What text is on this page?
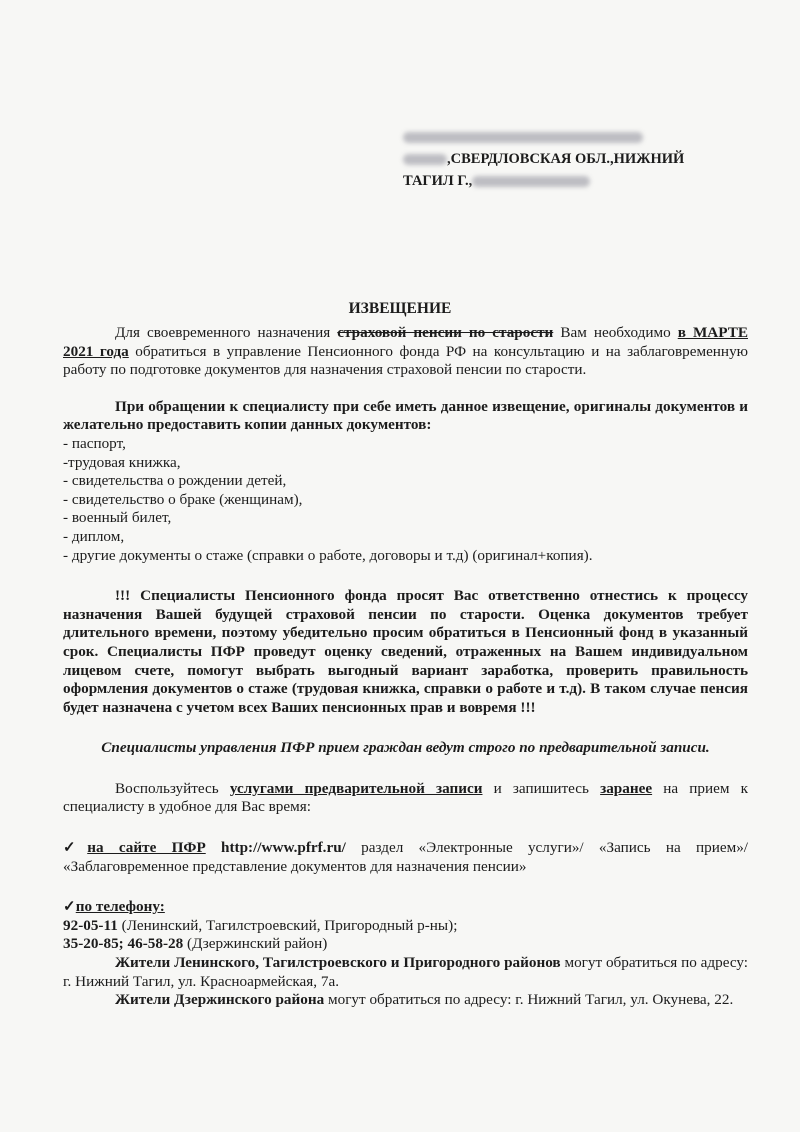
,СВЕРДЛОВСКАЯ ОБЛ.,НИЖНИЙ
ТАГИЛ Г.,
ИЗВЕЩЕНИЕ

Для своевременного назначения страховой пенсии по старости Вам необходимо в МАРТЕ 2021 года обратиться в управление Пенсионного фонда РФ на консультацию и на заблаговременную работу по подготовке документов для назначения страховой пенсии по старости.

При обращении к специалисту при себе иметь данное извещение, оригиналы документов и желательно предоставить копии данных документов:

- паспорт,
-трудовая книжка,
- свидетельства о рождении детей,
- свидетельство о браке (женщинам),
- военный билет,
- диплом,
- другие документы о стаже (справки о работе, договоры и т.д) (оригинал+копия).

!!! Специалисты Пенсионного фонда просят Вас ответственно отнестись к процессу назначения Вашей будущей страховой пенсии по старости. Оценка документов требует длительного времени, поэтому убедительно просим обратиться в Пенсионный фонд в указанный срок. Специалисты ПФР проведут оценку сведений, отраженных на Вашем индивидуальном лицевом счете, помогут выбрать выгодный вариант заработка, проверить правильность оформления документов о стаже (трудовая книжка, справки о работе и т.д). В таком случае пенсия будет назначена с учетом всех Ваших пенсионных прав и вовремя !!!

Специалисты управления ПФР прием граждан ведут строго по предварительной записи.

Воспользуйтесь услугами предварительной записи и запишитесь заранее на прием к специалисту в удобное для Вас время:

✓на сайте ПФР http://www.pfrf.ru/ раздел «Электронные услуги»/ «Запись на прием»/ «Заблаговременное представление документов для назначения пенсии»

✓по телефону:
92-05-11 (Ленинский, Тагилстроевский, Пригородный р-ны);
35-20-85; 46-58-28 (Дзержинский район)

Жители Ленинского, Тагилстроевского и Пригородного районов могут обратиться по адресу: г. Нижний Тагил, ул. Красноармейская, 7а.

Жители Дзержинского района могут обратиться по адресу: г. Нижний Тагил, ул. Окунева, 22.
